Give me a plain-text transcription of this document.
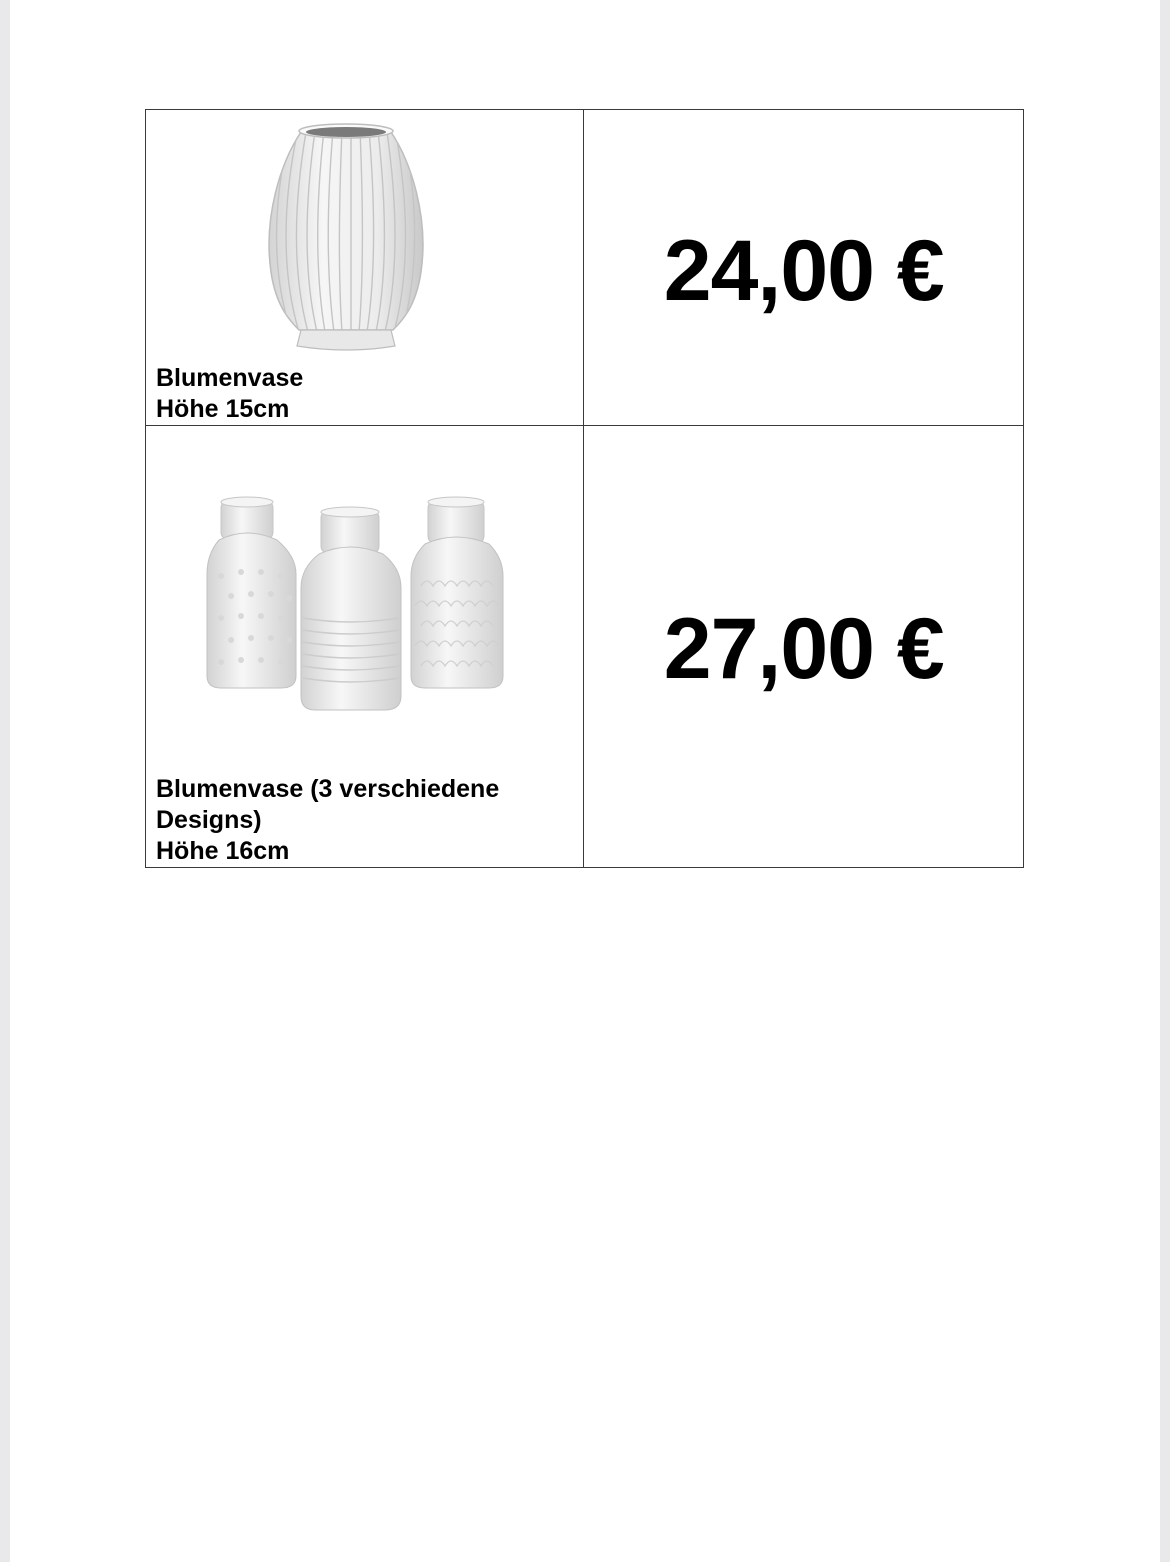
Blumenvase
Höhe 15cm	24,00 €

Blumenvase (3 verschiedene
Designs)
Höhe 16cm	27,00 €
